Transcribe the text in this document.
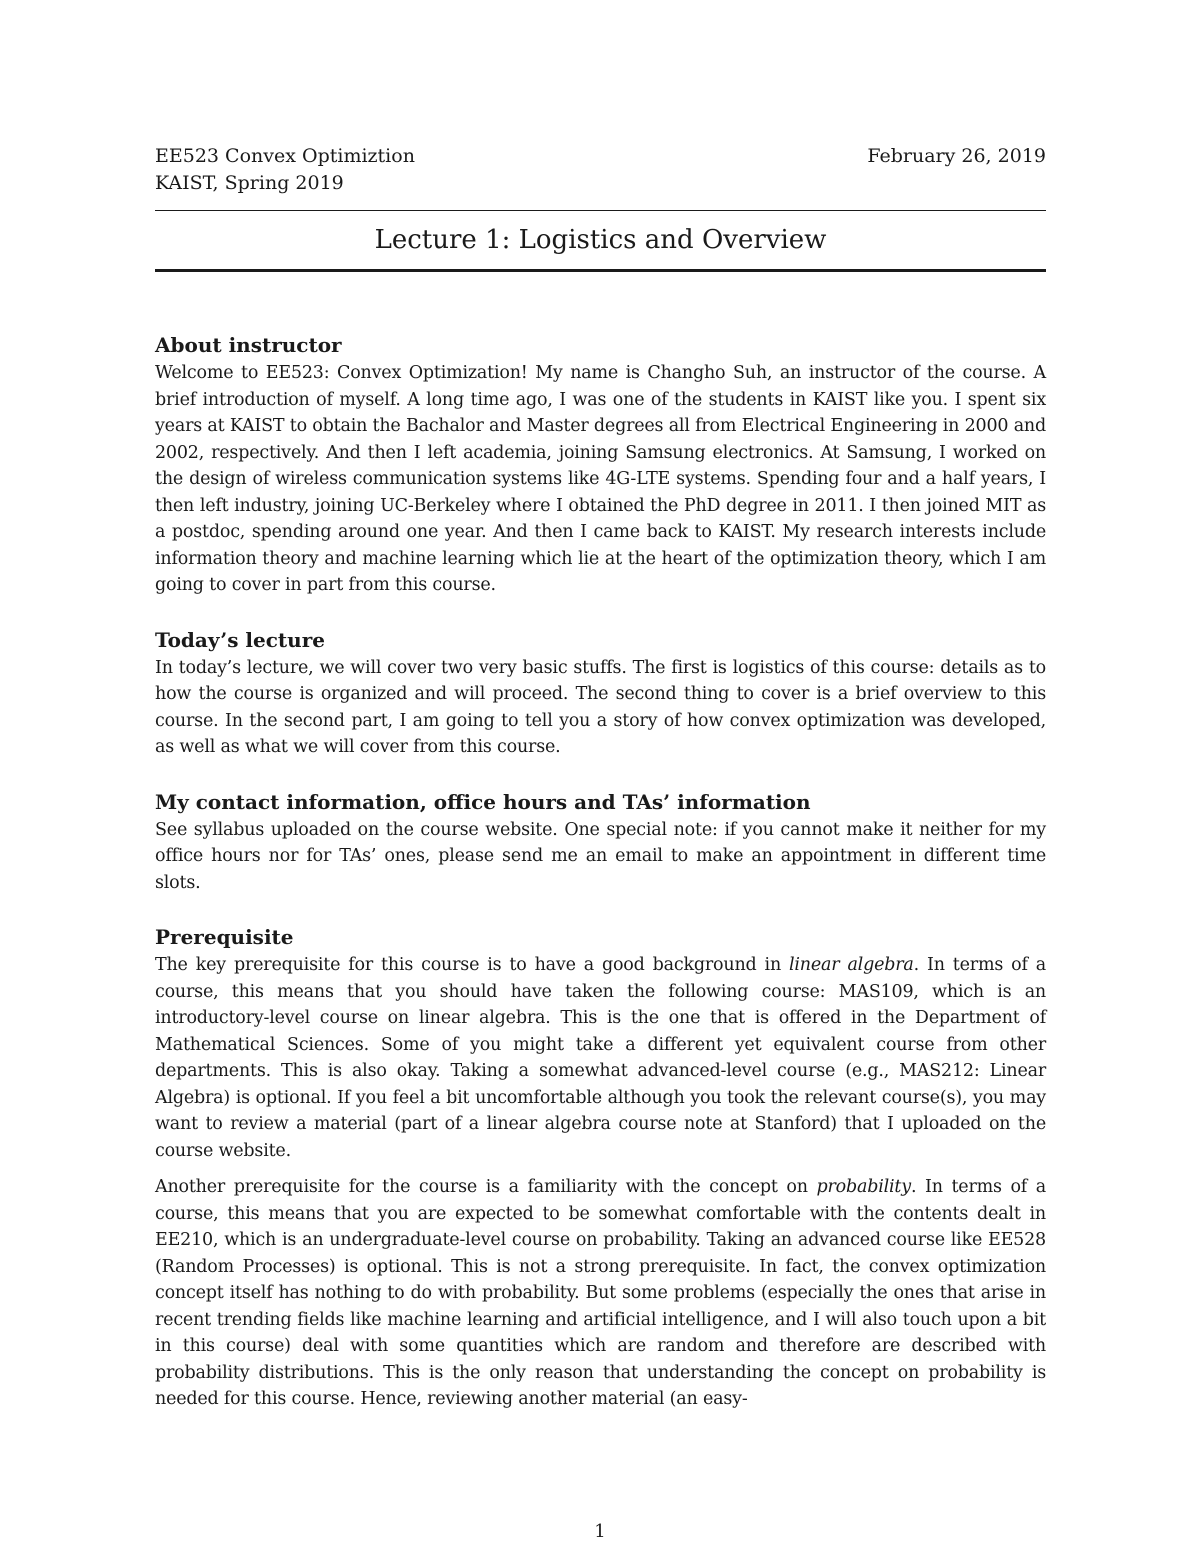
EE523 Convex Optimiztion	February 26, 2019
KAIST, Spring 2019
Lecture 1: Logistics and Overview
About instructor

Welcome to EE523: Convex Optimization! My name is Changho Suh, an instructor of the course. A brief introduction of myself. A long time ago, I was one of the students in KAIST like you. I spent six years at KAIST to obtain the Bachalor and Master degrees all from Electrical Engineering in 2000 and 2002, respectively. And then I left academia, joining Samsung electronics. At Samsung, I worked on the design of wireless communication systems like 4G-LTE systems. Spending four and a half years, I then left industry, joining UC-Berkeley where I obtained the PhD degree in 2011. I then joined MIT as a postdoc, spending around one year. And then I came back to KAIST. My research interests include information theory and machine learning which lie at the heart of the optimization theory, which I am going to cover in part from this course.

Today’s lecture

In today’s lecture, we will cover two very basic stuffs. The first is logistics of this course: details as to how the course is organized and will proceed. The second thing to cover is a brief overview to this course. In the second part, I am going to tell you a story of how convex optimization was developed, as well as what we will cover from this course.

My contact information, office hours and TAs’ information

See syllabus uploaded on the course website. One special note: if you cannot make it neither for my office hours nor for TAs’ ones, please send me an email to make an appointment in different time slots.

Prerequisite

The key prerequisite for this course is to have a good background in linear algebra. In terms of a course, this means that you should have taken the following course: MAS109, which is an introductory-level course on linear algebra. This is the one that is offered in the Department of Mathematical Sciences. Some of you might take a different yet equivalent course from other departments. This is also okay. Taking a somewhat advanced-level course (e.g., MAS212: Linear Algebra) is optional. If you feel a bit uncomfortable although you took the relevant course(s), you may want to review a material (part of a linear algebra course note at Stanford) that I uploaded on the course website.

Another prerequisite for the course is a familiarity with the concept on probability. In terms of a course, this means that you are expected to be somewhat comfortable with the contents dealt in EE210, which is an undergraduate-level course on probability. Taking an advanced course like EE528 (Random Processes) is optional. This is not a strong prerequisite. In fact, the convex optimization concept itself has nothing to do with probability. But some problems (especially the ones that arise in recent trending fields like machine learning and artificial intelligence, and I will also touch upon a bit in this course) deal with some quantities which are random and therefore are described with probability distributions. This is the only reason that understanding the concept on probability is needed for this course. Hence, reviewing another material (an easy-

1
